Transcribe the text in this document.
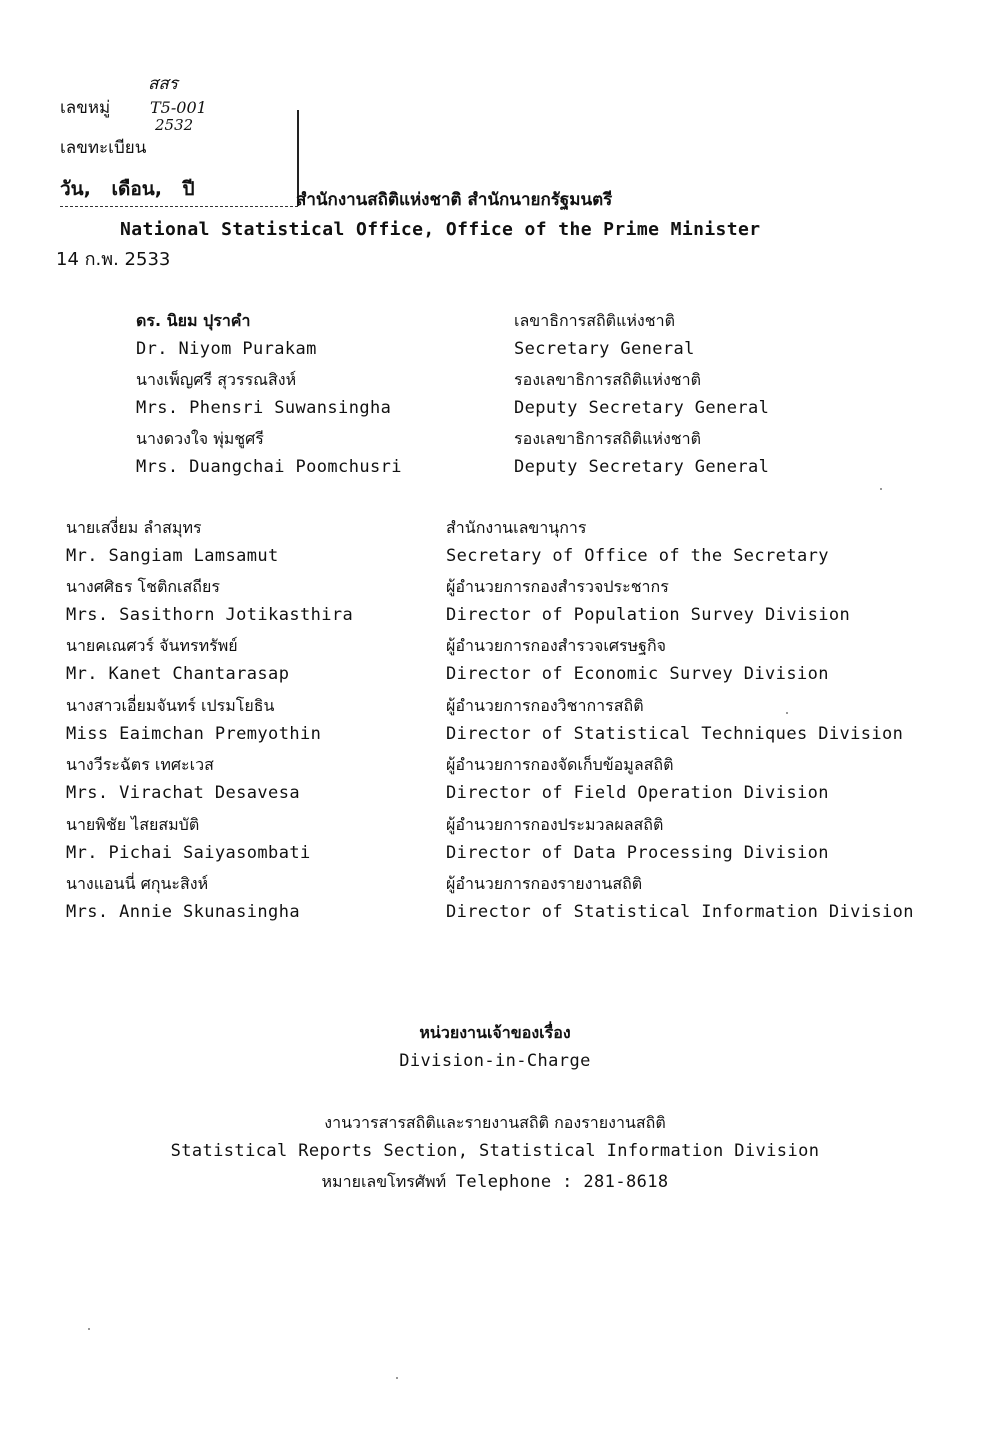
สสร
เลขหมู่ T5-001
2532
เลขทะเบียน
วัน, เดือน, ปี
14 ก.พ. 2533
สำนักงานสถิติแห่งชาติ สำนักนายกรัฐมนตรี
National Statistical Office, Office of the Prime Minister
ดร. นิยม ปุราคำ	เลขาธิการสถิติแห่งชาติ
Dr. Niyom Purakam	Secretary General
นางเพ็ญศรี สุวรรณสิงห์	รองเลขาธิการสถิติแห่งชาติ
Mrs. Phensri Suwansingha	Deputy Secretary General
นางดวงใจ พุ่มชูศรี	รองเลขาธิการสถิติแห่งชาติ
Mrs. Duangchai Poomchusri	Deputy Secretary General
นายเสงี่ยม ลำสมุทร	สำนักงานเลขานุการ
Mr. Sangiam Lamsamut	Secretary of Office of the Secretary
นางศศิธร โชติกเสถียร	ผู้อำนวยการกองสำรวจประชากร
Mrs. Sasithorn Jotikasthira	Director of Population Survey Division
นายคเณศวร์ จันทรทรัพย์	ผู้อำนวยการกองสำรวจเศรษฐกิจ
Mr. Kanet Chantarasap	Director of Economic Survey Division
นางสาวเอี่ยมจันทร์ เปรมโยธิน	ผู้อำนวยการกองวิชาการสถิติ
Miss Eaimchan Premyothin	Director of Statistical Techniques Division
นางวีระฉัตร เทศะเวส	ผู้อำนวยการกองจัดเก็บข้อมูลสถิติ
Mrs. Virachat Desavesa	Director of Field Operation Division
นายพิชัย ไสยสมบัติ	ผู้อำนวยการกองประมวลผลสถิติ
Mr. Pichai Saiyasombati	Director of Data Processing Division
นางแอนนี่ ศกุนะสิงห์	ผู้อำนวยการกองรายงานสถิติ
Mrs. Annie Skunasingha	Director of Statistical Information Division
หน่วยงานเจ้าของเรื่อง
Division-in-Charge
งานวารสารสถิติและรายงานสถิติ กองรายงานสถิติ
Statistical Reports Section, Statistical Information Division
หมายเลขโทรศัพท์ Telephone : 281-8618
